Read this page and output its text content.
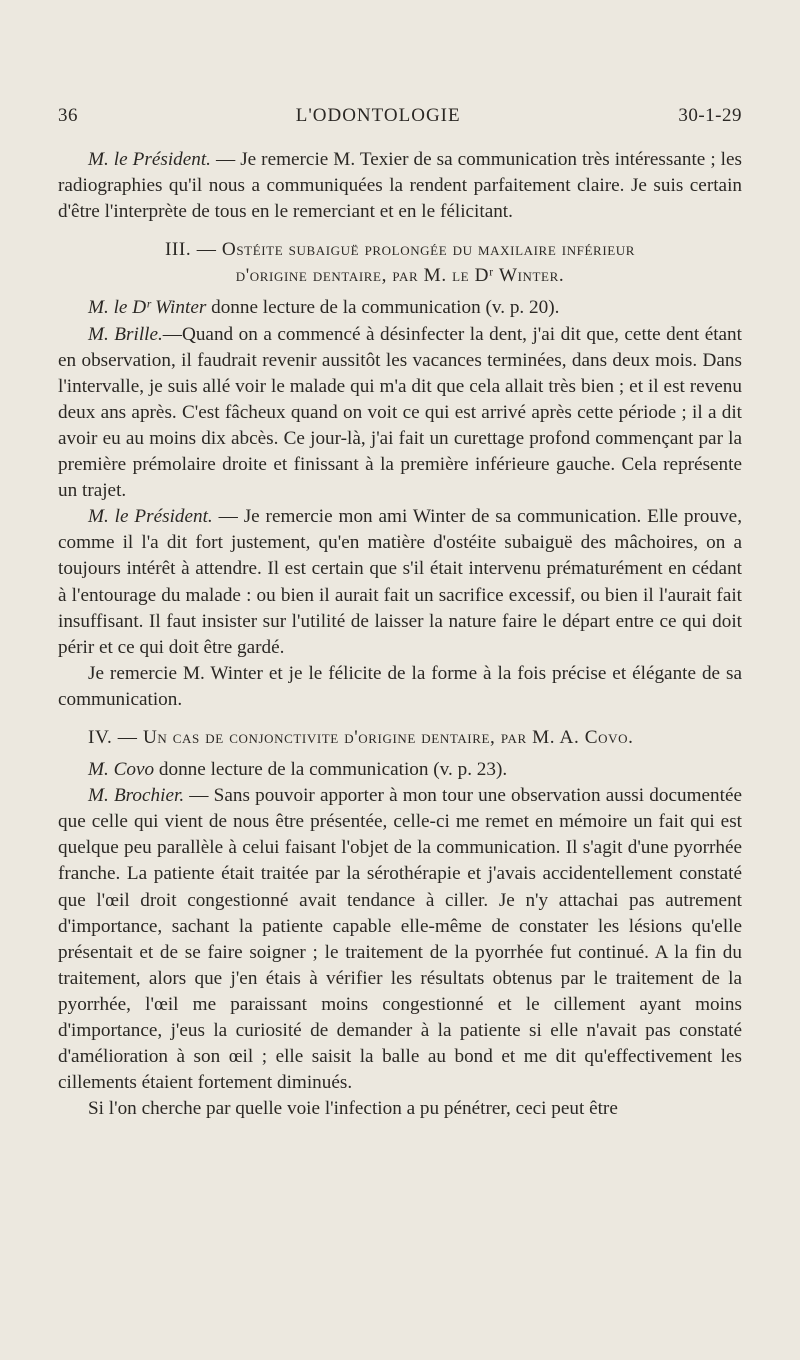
36	L'ODONTOLOGIE	30-1-29

M. le Président. — Je remercie M. Texier de sa communication très intéressante ; les radiographies qu'il nous a communiquées la rendent parfaitement claire. Je suis certain d'être l'interprète de tous en le remerciant et en le félicitant.

III. — Ostéite subaiguë prolongée du maxilaire inférieur
d'origine dentaire, par M. le Dʳ Winter.

M. le Dʳ Winter donne lecture de la communication (v. p. 20).

M. Brille.—Quand on a commencé à désinfecter la dent, j'ai dit que, cette dent étant en observation, il faudrait revenir aussitôt les vacances terminées, dans deux mois. Dans l'intervalle, je suis allé voir le malade qui m'a dit que cela allait très bien ; et il est revenu deux ans après. C'est fâcheux quand on voit ce qui est arrivé après cette période ; il a dit avoir eu au moins dix abcès. Ce jour-là, j'ai fait un curettage profond commençant par la première prémolaire droite et finissant à la première inférieure gauche. Cela représente un trajet.

M. le Président. — Je remercie mon ami Winter de sa communication. Elle prouve, comme il l'a dit fort justement, qu'en matière d'ostéite subaiguë des mâchoires, on a toujours intérêt à attendre. Il est certain que s'il était intervenu prématurément en cédant à l'entourage du malade : ou bien il aurait fait un sacrifice excessif, ou bien il l'aurait fait insuffisant. Il faut insister sur l'utilité de laisser la nature faire le départ entre ce qui doit périr et ce qui doit être gardé.

Je remercie M. Winter et je le félicite de la forme à la fois précise et élégante de sa communication.

IV. — Un cas de conjonctivite d'origine dentaire, par M. A. Covo.

M. Covo donne lecture de la communication (v. p. 23).

M. Brochier. — Sans pouvoir apporter à mon tour une observation aussi documentée que celle qui vient de nous être présentée, celle-ci me remet en mémoire un fait qui est quelque peu parallèle à celui faisant l'objet de la communication. Il s'agit d'une pyorrhée franche. La patiente était traitée par la sérothérapie et j'avais accidentellement constaté que l'œil droit congestionné avait tendance à ciller. Je n'y attachai pas autrement d'importance, sachant la patiente capable elle-même de constater les lésions qu'elle présentait et de se faire soigner ; le traitement de la pyorrhée fut continué. A la fin du traitement, alors que j'en étais à vérifier les résultats obtenus par le traitement de la pyorrhée, l'œil me paraissant moins congestionné et le cillement ayant moins d'importance, j'eus la curiosité de demander à la patiente si elle n'avait pas constaté d'amélioration à son œil ; elle saisit la balle au bond et me dit qu'effectivement les cillements étaient fortement diminués.

Si l'on cherche par quelle voie l'infection a pu pénétrer, ceci peut être
